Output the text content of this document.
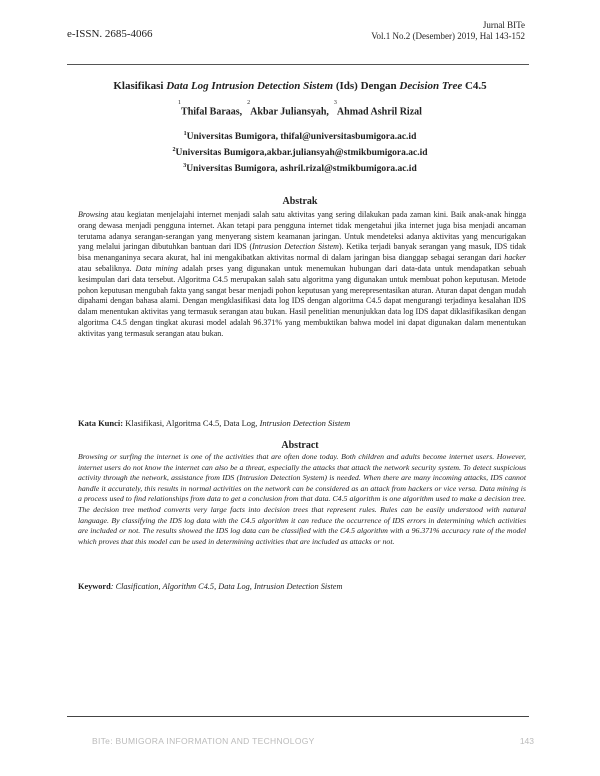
e-ISSN. 2685-4066
Jurnal BITe
Vol.1 No.2 (Desember) 2019, Hal 143-152
Klasifikasi Data Log Intrusion Detection Sistem (Ids) Dengan Decision Tree C4.5
$^1$Thifal Baraas,  $^2$Akbar Juliansyah,  $^3$Ahmad Ashril Rizal
$^1$Universitas Bumigora, thifal@universitasbumigora.ac.id
$^2$Universitas Bumigora,akbar.juliansyah@stmikbumigora.ac.id
$^3$Universitas Bumigora, ashril.rizal@stmikbumigora.ac.id
Abstrak
Browsing atau kegiatan menjelajahi internet menjadi salah satu aktivitas yang sering dilakukan pada zaman kini. Baik anak-anak hingga orang dewasa menjadi pengguna internet. Akan tetapi para pengguna internet tidak mengetahui jika internet juga bisa menjadi ancaman terutama adanya serangan-serangan yang menyerang sistem keamanan jaringan. Untuk mendeteksi adanya aktivitas yang mencurigakan yang melalui jaringan dibutuhkan bantuan dari IDS (Intrusion Detection Sistem). Ketika terjadi banyak serangan yang masuk, IDS tidak bisa menanganinya secara akurat, hal ini mengakibatkan aktivitas normal di dalam jaringan bisa dianggap sebagai serangan dari hacker atau sebaliknya. Data mining adalah prses yang digunakan untuk menemukan hubungan dari data-data untuk mendapatkan sebuah kesimpulan dari data tersebut. Algoritma C4.5 merupakan salah satu algoritma yang digunakan untuk membuat pohon keputusan. Metode pohon keputusan mengubah fakta yang sangat besar menjadi pohon keputusan yang merepresentasikan aturan. Aturan dapat dengan mudah dipahami dengan bahasa alami. Dengan mengklasifikasi data log IDS dengan algoritma C4.5 dapat mengurangi terjadinya kesalahan IDS dalam menentukan aktivitas yang termasuk serangan atau bukan. Hasil penelitian menunjukkan data log IDS dapat diklasifikasikan dengan algoritma C4.5 dengan tingkat akurasi model adalah 96.371% yang membuktikan bahwa model ini dapat digunakan dalam menentukan aktivitas yang termasuk serangan atau bukan.
Kata Kunci: Klasifikasi, Algoritma C4.5, Data Log, Intrusion Detection Sistem
Abstract
Browsing or surfing the internet is one of the activities that are often done today. Both children and adults become internet users. However, internet users do not know the internet can also be a threat, especially the attacks that attack the network security system. To detect suspicious activity through the network, assistance from IDS (Intrusion Detection System) is needed. When there are many incoming attacks, IDS cannot handle it accurately, this results in normal activities on the network can be considered as an attack from hackers or vice versa. Data mining is a process used to find relationships from data to get a conclusion from that data. C4.5 algorithm is one algorithm used to make a decision tree. The decision tree method converts very large facts into decision trees that represent rules. Rules can be easily understood with natural language. By classifying the IDS log data with the C4.5 algorithm it can reduce the occurrence of IDS errors in determining which activities are included or not. The results showed the IDS log data can be classified with the C4.5 algorithm with a 96.371% accuracy rate of the model which proves that this model can be used in determining activities that are included as attacks or not.
Keyword: Clasification, Algorithm C4.5, Data Log, Intrusion Detection Sistem
BITe: BUMIGORA INFORMATION AND TECHNOLOGY	143
